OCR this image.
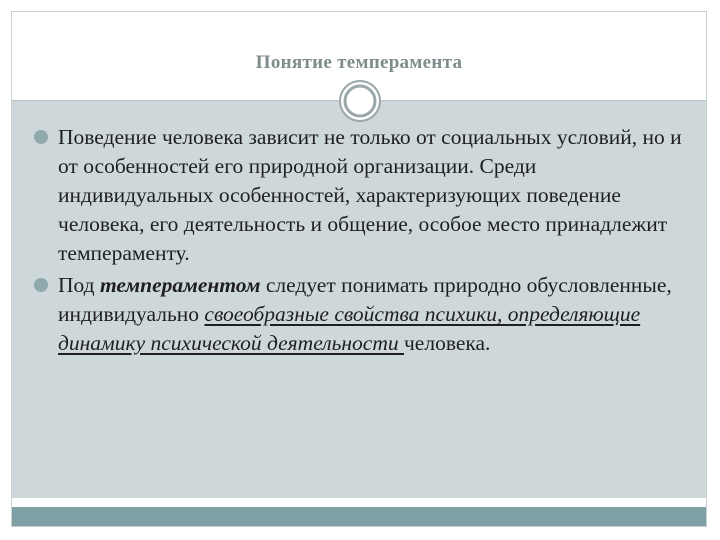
Понятие темперамента
Поведение человека зависит не только от социальных условий, но и от особенностей его природной организации. Среди индивидуальных особенностей, характеризующих поведение человека, его деятельность и общение, особое место принадлежит темпераменту.
Под темпераментом следует понимать природно обусловленные, индивидуально своеобразные свойства психики, определяющие динамику психической деятельности человека.
